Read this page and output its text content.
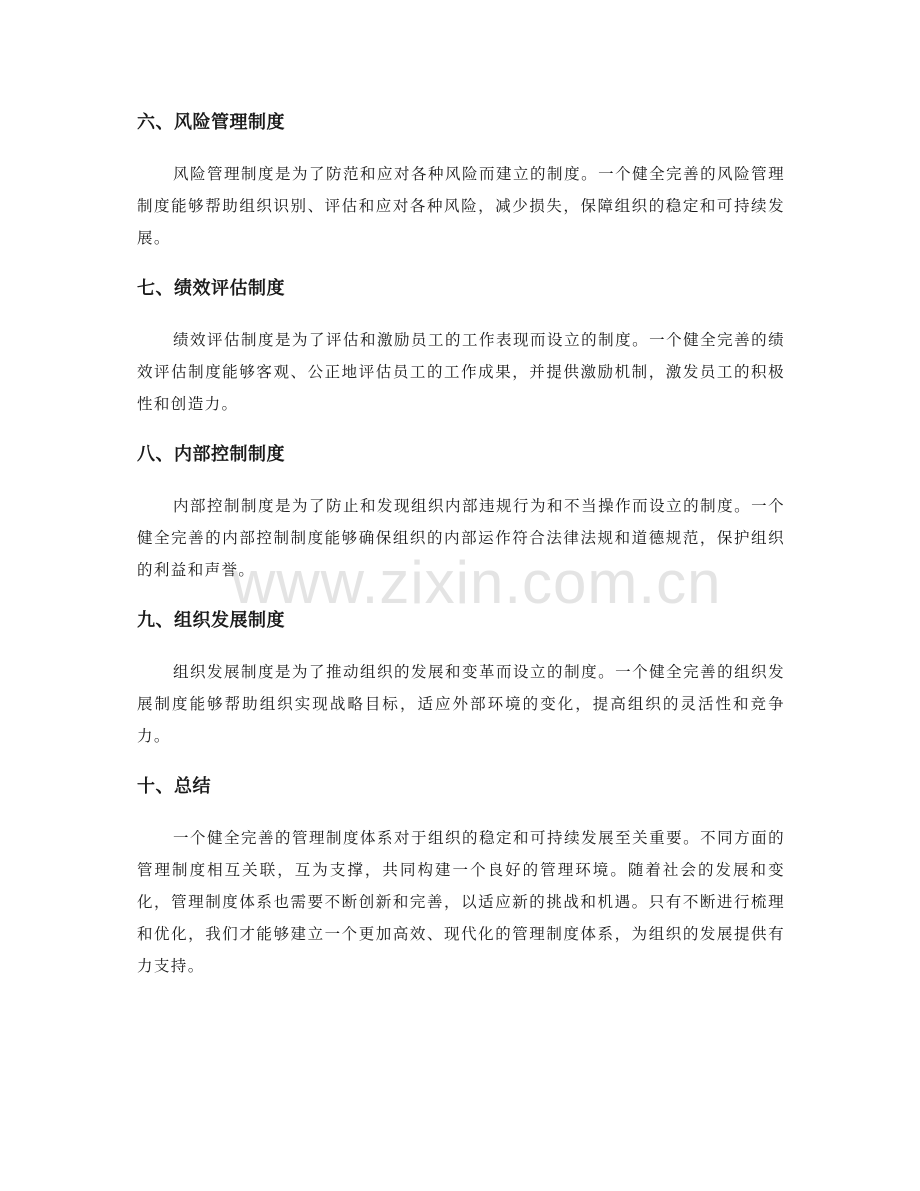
www.zixin.com.cn
六、风险管理制度

风险管理制度是为了防范和应对各种风险而建立的制度。一个健全完善的风险管理制度能够帮助组织识别、评估和应对各种风险，减少损失，保障组织的稳定和可持续发展。

七、绩效评估制度

绩效评估制度是为了评估和激励员工的工作表现而设立的制度。一个健全完善的绩效评估制度能够客观、公正地评估员工的工作成果，并提供激励机制，激发员工的积极性和创造力。

八、内部控制制度

内部控制制度是为了防止和发现组织内部违规行为和不当操作而设立的制度。一个健全完善的内部控制制度能够确保组织的内部运作符合法律法规和道德规范，保护组织的利益和声誉。

九、组织发展制度

组织发展制度是为了推动组织的发展和变革而设立的制度。一个健全完善的组织发展制度能够帮助组织实现战略目标，适应外部环境的变化，提高组织的灵活性和竞争力。

十、总结

一个健全完善的管理制度体系对于组织的稳定和可持续发展至关重要。不同方面的管理制度相互关联，互为支撑，共同构建一个良好的管理环境。随着社会的发展和变化，管理制度体系也需要不断创新和完善，以适应新的挑战和机遇。只有不断进行梳理和优化，我们才能够建立一个更加高效、现代化的管理制度体系，为组织的发展提供有力支持。
